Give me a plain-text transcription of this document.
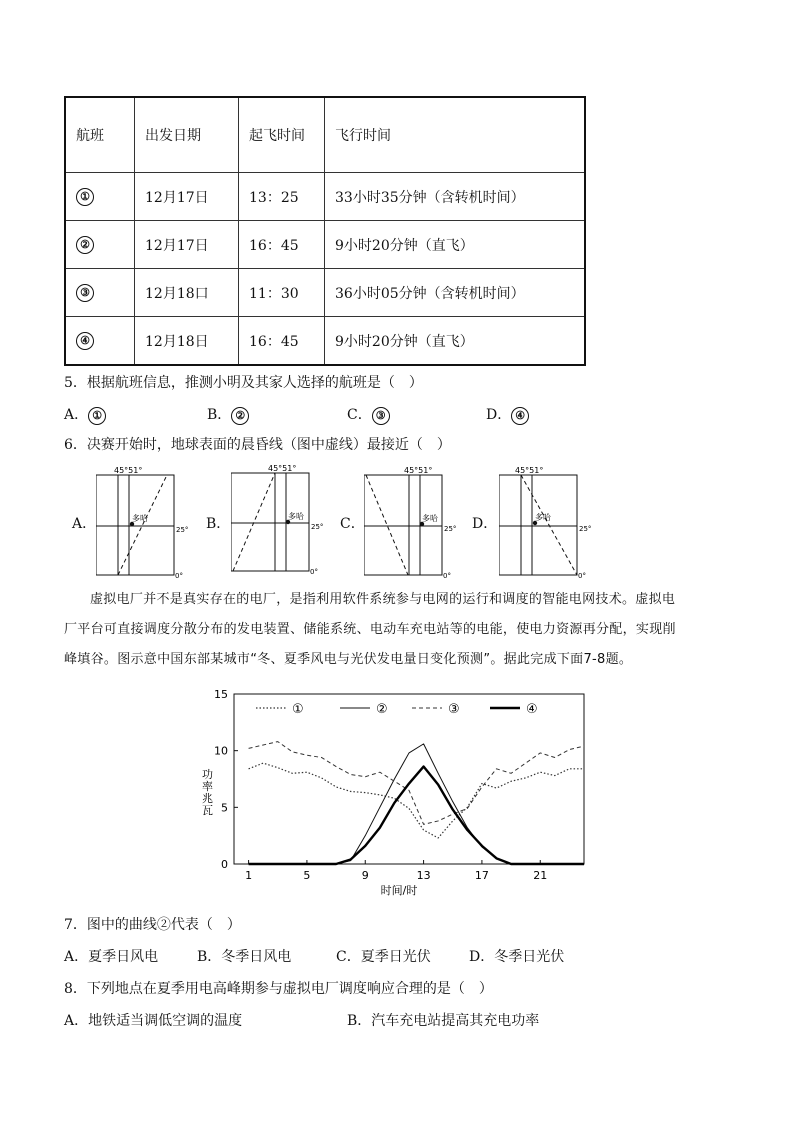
航班	出发日期	起飞时间	飞行时间
①	12月17日	13：25	33小时35分钟（含转机时间）
②	12月17日	16：45	9小时20分钟（直飞）
③	12月18口	11：30	36小时05分钟（含转机时间）
④	12月18日	16：45	9小时20分钟（直飞）
5．根据航班信息，推测小明及其家人选择的航班是（　）
A． ①	B． ②	C． ③	D． ④
6．决赛开始时，地球表面的晨昏线（图中虚线）最接近（　）
A．	B．	C．	D．
45°51°
多哈
25°
0°
45°51°
多哈
25°
0°
45°51°
多哈
25°
0°
45°51°
多哈
25°
0°

虚拟电厂并不是真实存在的电厂，是指利用软件系统参与电网的运行和调度的智能电网技术。虚拟电

厂平台可直接调度分散分布的发电装置、储能系统、电动车充电站等的电能，使电力资源再分配，实现削
峰填谷。图示意中国东部某城市“冬、夏季风电与光伏发电量日变化预测”。据此完成下面7-8题。
0
5
10
15
1	5	9	13	17	21
①	②	③	④
功率兆瓦
时间/时
7．图中的曲线②代表（　）
A．夏季日风电	B．冬季日风电	C．夏季日光伏	D．冬季日光伏
8．下列地点在夏季用电高峰期参与虚拟电厂调度响应合理的是（　）
A．地铁适当调低空调的温度	B．汽车充电站提高其充电功率
